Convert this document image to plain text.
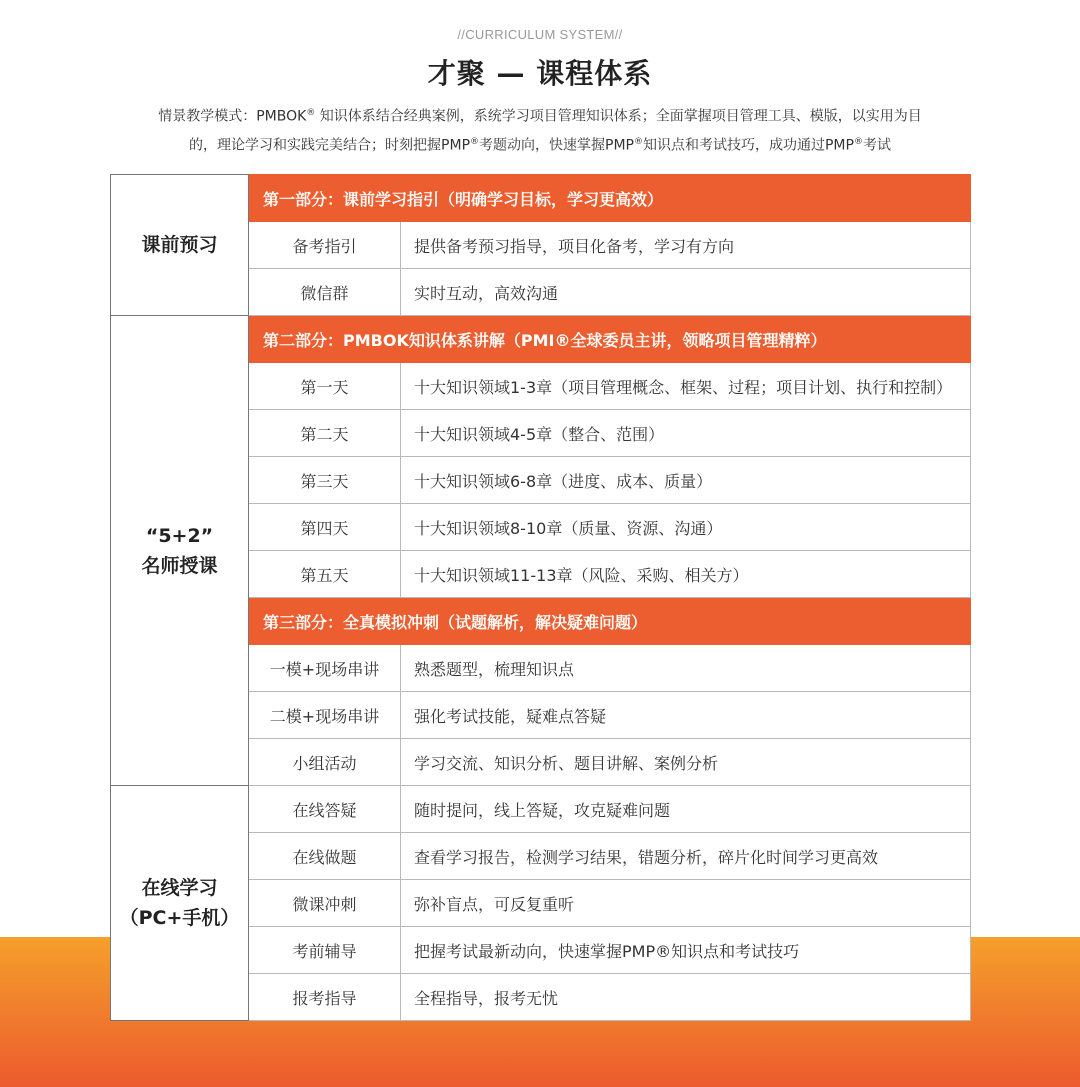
//CURRICULUM SYSTEM//
才聚 — 课程体系
情景教学模式：PMBOK® 知识体系结合经典案例，系统学习项目管理知识体系；全面掌握项目管理工具、模版，以实用为目
的，理论学习和实践完美结合；时刻把握PMP®考题动向，快速掌握PMP®知识点和考试技巧，成功通过PMP®考试
课前预习	第一部分：课前学习指引（明确学习目标，学习更高效）	
	备考指引	提供备考预习指导，项目化备考，学习有方向
	微信群	实时互动，高效沟通

“5+2”
名师授课	第二部分：PMBOK知识体系讲解（PMI®全球委员主讲，领略项目管理精粹）	
	第一天	十大知识领域1-3章（项目管理概念、框架、过程；项目计划、执行和控制）
	第二天	十大知识领域4-5章（整合、范围）
	第三天	十大知识领域6-8章（进度、成本、质量）
	第四天	十大知识领域8-10章（质量、资源、沟通）
	第五天	十大知识领域11-13章（风险、采购、相关方）
	第三部分：全真模拟冲刺（试题解析，解决疑难问题）	
	一模+现场串讲	熟悉题型，梳理知识点
	二模+现场串讲	强化考试技能，疑难点答疑
	小组活动	学习交流、知识分析、题目讲解、案例分析

在线学习
（PC+手机）	在线答疑	随时提问，线上答疑，攻克疑难问题
	在线做题	查看学习报告，检测学习结果，错题分析，碎片化时间学习更高效
	微课冲刺	弥补盲点，可反复重听
	考前辅导	把握考试最新动向，快速掌握PMP®知识点和考试技巧
	报考指导	全程指导，报考无忧
